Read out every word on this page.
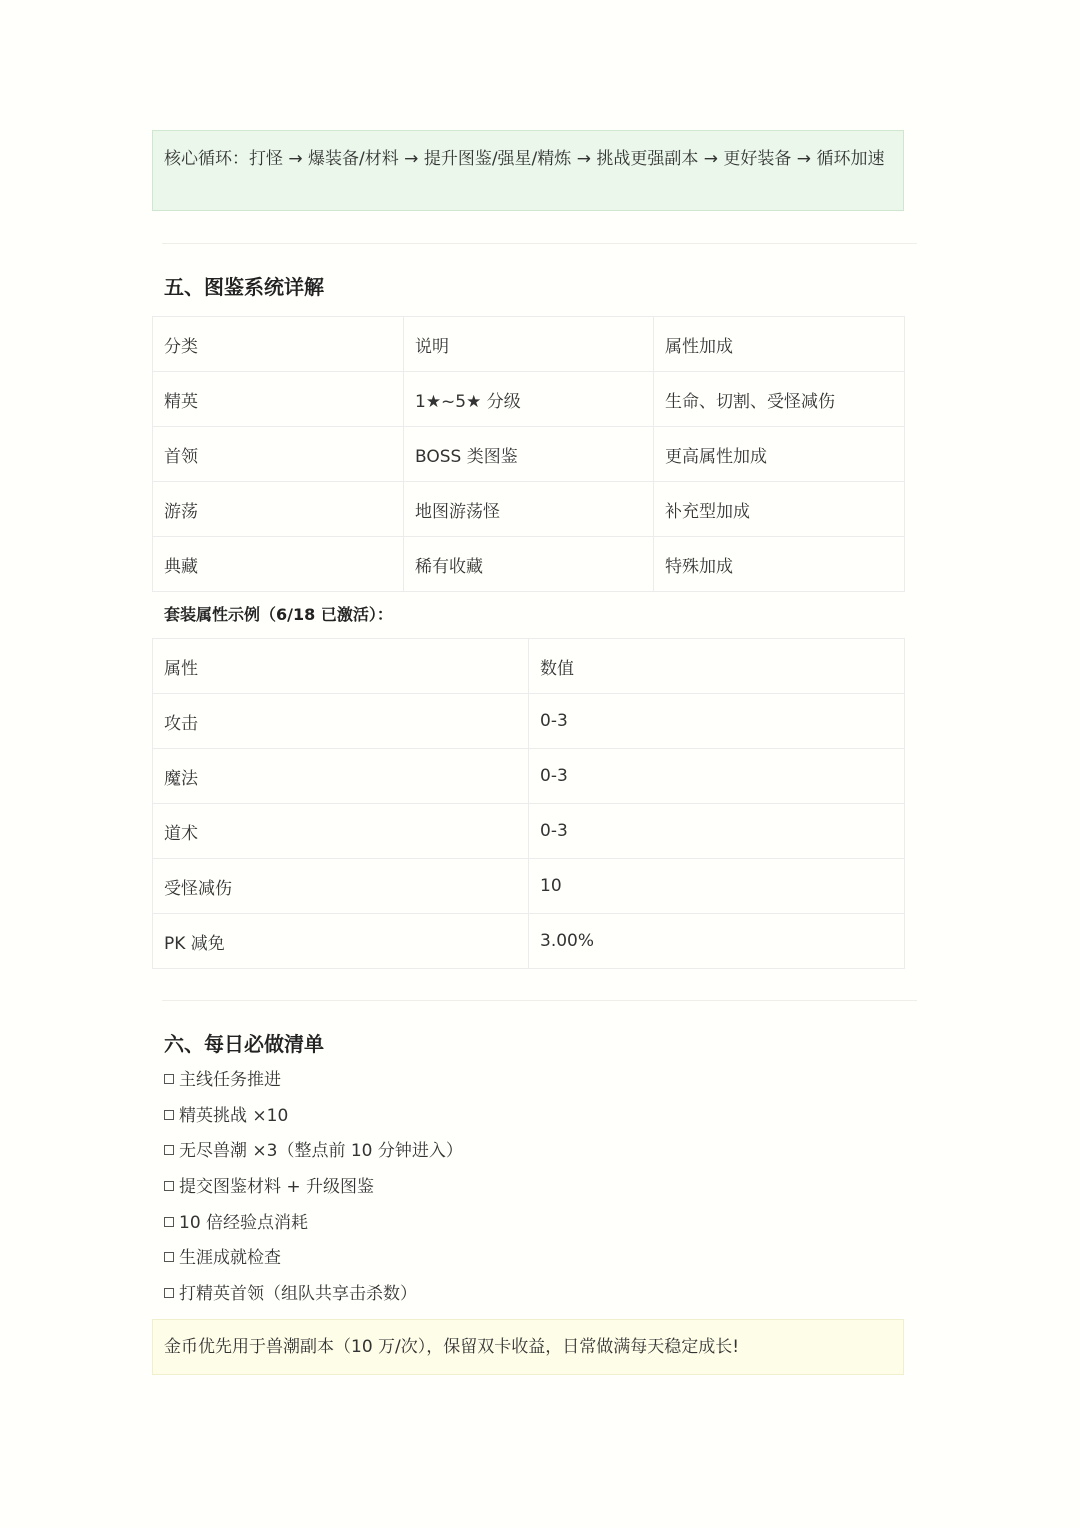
核心循环：打怪 → 爆装备/材料 → 提升图鉴/强星/精炼 → 挑战更强副本 → 更好装备 → 循环加速
五、图鉴系统详解
分类	说明	属性加成
精英	1★~5★ 分级	生命、切割、受怪减伤
首领	BOSS 类图鉴	更高属性加成
游荡	地图游荡怪	补充型加成
典藏	稀有收藏	特殊加成
套装属性示例（6/18 已激活）：
属性	数值
攻击	0-3
魔法	0-3
道术	0-3
受怪减伤	10
PK 减免	3.00%
六、每日必做清单
主线任务推进
精英挑战 ×10
无尽兽潮 ×3（整点前 10 分钟进入）
提交图鉴材料 + 升级图鉴
10 倍经验点消耗
生涯成就检查
打精英首领（组队共享击杀数）
金币优先用于兽潮副本（10 万/次），保留双卡收益，日常做满每天稳定成长!
